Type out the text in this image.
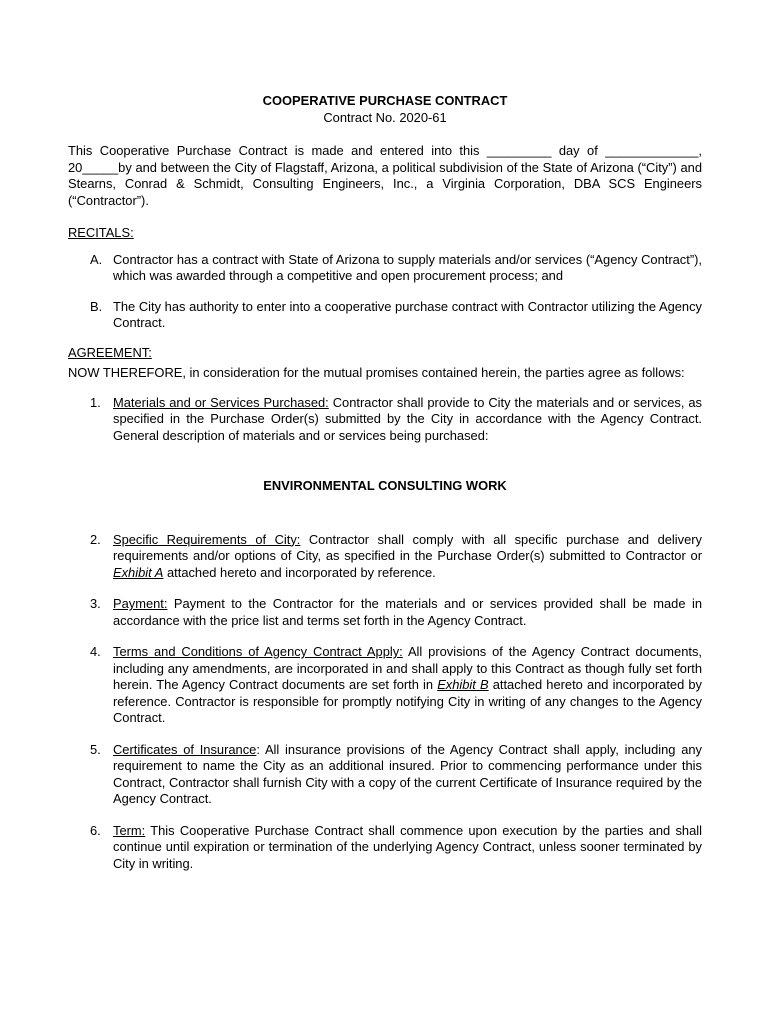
COOPERATIVE PURCHASE CONTRACT

Contract No. 2020-61

This Cooperative Purchase Contract is made and entered into this _________ day of _____________, 20_____by and between the City of Flagstaff, Arizona, a political subdivision of the State of Arizona (“City”) and Stearns, Conrad & Schmidt, Consulting Engineers, Inc., a Virginia Corporation, DBA SCS Engineers (“Contractor”).

RECITALS:

A. Contractor has a contract with State of Arizona to supply materials and/or services (“Agency Contract”), which was awarded through a competitive and open procurement process; and
B. The City has authority to enter into a cooperative purchase contract with Contractor utilizing the Agency Contract.

AGREEMENT:

NOW THEREFORE, in consideration for the mutual promises contained herein, the parties agree as follows:

1. Materials and or Services Purchased: Contractor shall provide to City the materials and or services, as specified in the Purchase Order(s) submitted by the City in accordance with the Agency Contract. General description of materials and or services being purchased:

ENVIRONMENTAL CONSULTING WORK

2. Specific Requirements of City: Contractor shall comply with all specific purchase and delivery requirements and/or options of City, as specified in the Purchase Order(s) submitted to Contractor or Exhibit A attached hereto and incorporated by reference.
3. Payment: Payment to the Contractor for the materials and or services provided shall be made in accordance with the price list and terms set forth in the Agency Contract.
4. Terms and Conditions of Agency Contract Apply: All provisions of the Agency Contract documents, including any amendments, are incorporated in and shall apply to this Contract as though fully set forth herein. The Agency Contract documents are set forth in Exhibit B attached hereto and incorporated by reference. Contractor is responsible for promptly notifying City in writing of any changes to the Agency Contract.
5. Certificates of Insurance: All insurance provisions of the Agency Contract shall apply, including any requirement to name the City as an additional insured. Prior to commencing performance under this Contract, Contractor shall furnish City with a copy of the current Certificate of Insurance required by the Agency Contract.
6. Term: This Cooperative Purchase Contract shall commence upon execution by the parties and shall continue until expiration or termination of the underlying Agency Contract, unless sooner terminated by City in writing.
